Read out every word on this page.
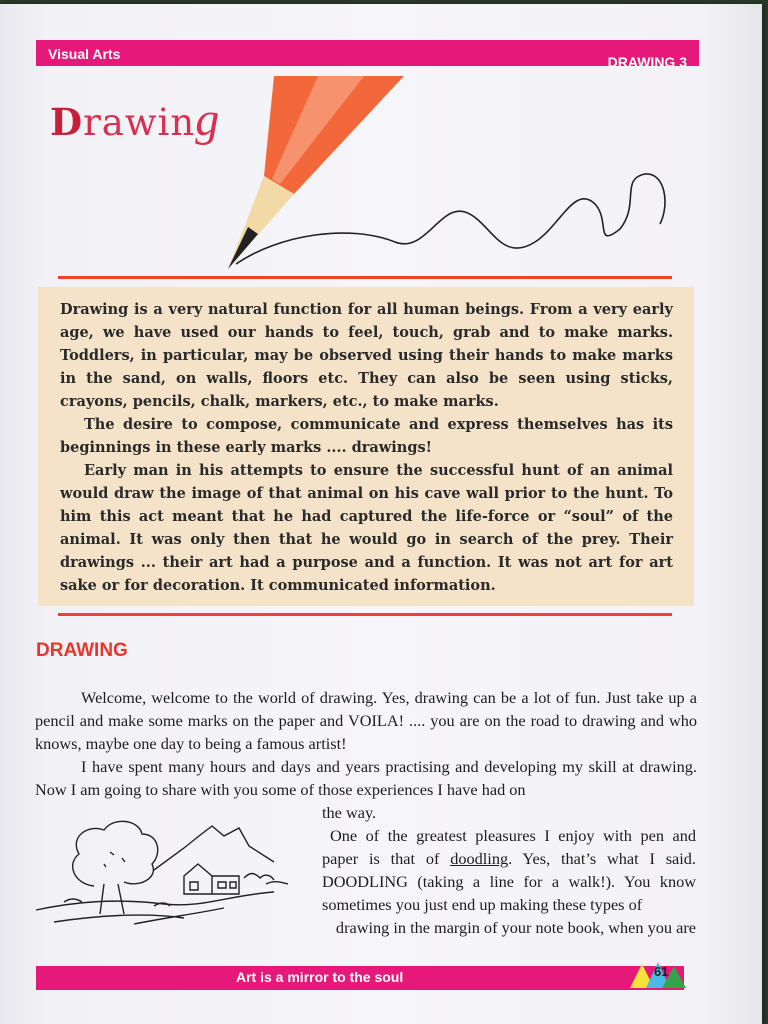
Visual Arts	DRAWING 3
Drawing

Drawing is a very natural function for all human beings. From a very early age, we have used our hands to feel, touch, grab and to make marks. Toddlers, in particular, may be observed using their hands to make marks in the sand, on walls, floors etc. They can also be seen using sticks, crayons, pencils, chalk, markers, etc., to make marks.

The desire to compose, communicate and express themselves has its beginnings in these early marks .... drawings!

Early man in his attempts to ensure the successful hunt of an animal would draw the image of that animal on his cave wall prior to the hunt. To him this act meant that he had captured the life-force or “soul” of the animal. It was only then that he would go in search of the prey. Their drawings ... their art had a purpose and a function. It was not art for art sake or for decoration. It communicated information.

DRAWING

Welcome, welcome to the world of drawing. Yes, drawing can be a lot of fun. Just take up a pencil and make some marks on the paper and VOILA! .... you are on the road to drawing and who knows, maybe one day to being a famous artist!

I have spent many hours and days and years practising and developing my skill at drawing. Now I am going to share with you some of those experiences I have had on

the way.

One of the greatest pleasures I enjoy with pen and paper is that of doodling. Yes, that’s what I said. DOODLING (taking a line for a walk!). You know sometimes you just end up making these types of

drawing in the margin of your note book, when you are

Art is a mirror to the soul	61
